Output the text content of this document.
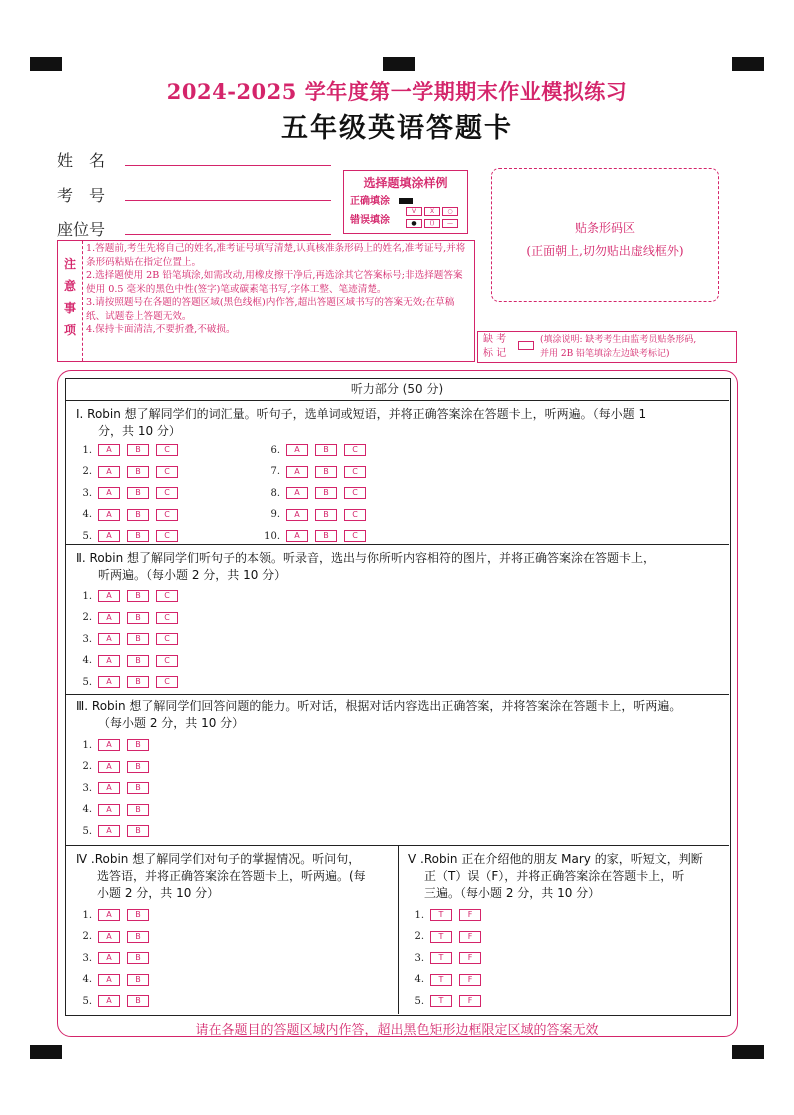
2024-2025 学年度第一学期期末作业模拟练习
五年级英语答题卡
姓　名
考　号
座位号
选择题填涂样例
正确填涂
错误填涂
V X ○
● () —	贴条形码区
(正面朝上,切勿贴出虚线框外)
注
意
事
项
1.答题前,考生先将自己的姓名,准考证号填写清楚,认真核准条形码上的姓名,准考证号,并将条形码粘贴在指定位置上。
2.选择题使用 2B 铅笔填涂,如需改动,用橡皮擦干净后,再选涂其它答案标号;非选择题答案使用 0.5 毫米的黑色中性(签字)笔或碳素笔书写,字体工整、笔迹清楚。
3.请按照题号在各题的答题区域(黑色线框)内作答,超出答题区域书写的答案无效;在草稿纸、试题卷上答题无效。
4.保持卡面清洁,不要折叠,不破损。
缺 考
标 记
(填涂说明: 缺考考生由监考员贴条形码,
并用 2B 铅笔填涂左边缺考标记)
听力部分 (50 分)
Ⅰ. Robin 想了解同学们的词汇量。听句子，选单词或短语，并将正确答案涂在答题卡上，听两遍。（每小题 1
分，共 10 分）
1. A	B	C
2. A	B	C
3. A	B	C
4. A	B	C
5. A	B	C
6. A	B	C
7. A	B	C
8. A	B	C
9. A	B	C
10. A	B	C
Ⅱ. Robin 想了解同学们听句子的本领。听录音，选出与你所听内容相符的图片，并将正确答案涂在答题卡上，
听两遍。（每小题 2 分，共 10 分）
1. A	B	C
2. A	B	C
3. A	B	C
4. A	B	C
5. A	B	C
Ⅲ. Robin 想了解同学们回答问题的能力。听对话，根据对话内容选出正确答案，并将答案涂在答题卡上，听两遍。
（每小题 2 分，共 10 分）
1. A	B
2. A	B
3. A	B
4. A	B
5. A	B
Ⅳ .Robin 想了解同学们对句子的掌握情况。听问句，
选答语，并将正确答案涂在答题卡上，听两遍。(每
小题 2 分，共 10 分）
1. A	B
2. A	B
3. A	B
4. A	B
5. A	B
Ⅴ .Robin 正在介绍他的朋友 Mary 的家，听短文，判断
正（T）误（F），并将正确答案涂在答题卡上，听
三遍。（每小题 2 分，共 10 分）
1. T	F
2. T	F
3. T	F
4. T	F
5. T	F
请在各题目的答题区域内作答，超出黑色矩形边框限定区域的答案无效
